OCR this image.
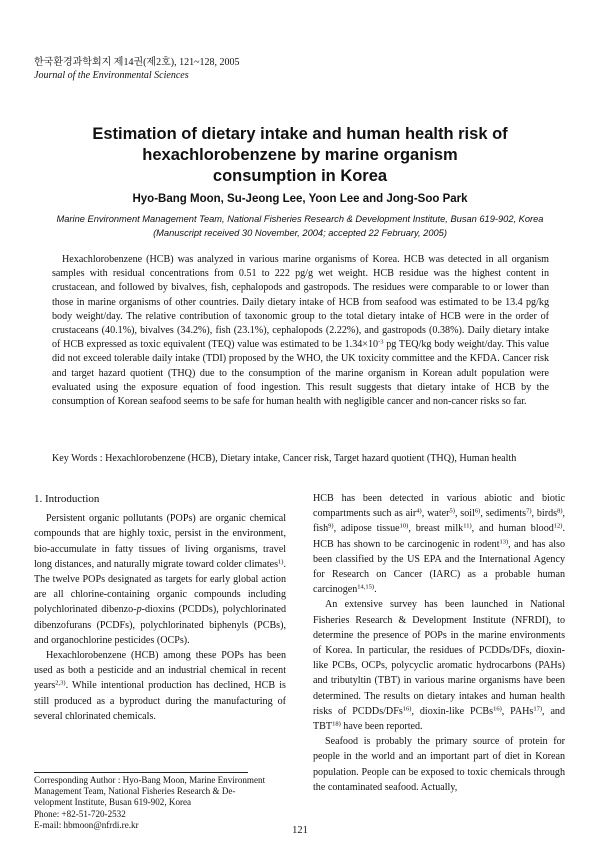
한국환경과학회지 제14권(제2호), 121~128, 2005
Journal of the Environmental Sciences
Estimation of dietary intake and human health risk of
hexachlorobenzene by marine organism
consumption in Korea
Hyo-Bang Moon, Su-Jeong Lee, Yoon Lee and Jong-Soo Park
Marine Environment Management Team, National Fisheries Research & Development Institute, Busan 619-902, Korea
(Manuscript received 30 November, 2004; accepted 22 February, 2005)

Hexachlorobenzene (HCB) was analyzed in various marine organisms of Korea. HCB was detected in all organism samples with residual concentrations from 0.51 to 222 pg/g wet weight. HCB residue was the highest content in crustacean, and followed by bivalves, fish, cephalopods and gastropods. The residues were comparable to or lower than those in marine organisms of other countries. Daily dietary intake of HCB from seafood was estimated to be 13.4 pg/kg body weight/day. The relative contribution of taxonomic group to the total dietary intake of HCB were in the order of crustaceans (40.1%), bivalves (34.2%), fish (23.1%), cephalopods (2.22%), and gastropods (0.38%). Daily dietary intake of HCB expressed as toxic equivalent (TEQ) value was estimated to be $1.34\times 10^{-3}$ pg TEQ/kg body weight/day. This value did not exceed tolerable daily intake (TDI) proposed by the WHO, the UK toxicity committee and the KFDA. Cancer risk and target hazard quotient (THQ) due to the consumption of the marine organism in Korean adult population were evaluated using the exposure equation of food ingestion. This result suggests that dietary intake of HCB by the consumption of Korean seafood seems to be safe for human health with negligible cancer and non-cancer risks so far.

Key Words : Hexachlorobenzene (HCB), Dietary intake, Cancer risk, Target hazard quotient (THQ), Human health
1. Introduction

Persistent organic pollutants (POPs) are organic chemical compounds that are highly toxic, persist in the environment, bio-accumulate in fatty tissues of living organisms, travel long distances, and naturally migrate toward colder climates$^{1)}$. The twelve POPs designated as targets for early global action are all chlorine-containing organic compounds including polychlorinated dibenzo-p-dioxins (PCDDs), polychlorinated dibenzofurans (PCDFs), polychlorinated biphenyls (PCBs), and organochlorine pesticides (OCPs).

Hexachlorobenzene (HCB) among these POPs has been used as both a pesticide and an industrial chemical in recent years$^{2,3)}$. While intentional production has declined, HCB is still produced as a byproduct during the manufacturing of several chlorinated chemicals.

HCB has been detected in various abiotic and biotic compartments such as air$^{4)}$, water$^{5)}$, soil$^{6)}$, sediments$^{7)}$, birds$^{8)}$, fish$^{9)}$, adipose tissue$^{10)}$, breast milk$^{11)}$, and human blood$^{12)}$. HCB has shown to be carcinogenic in rodent$^{13)}$, and has also been classified by the US EPA and the International Agency for Research on Cancer (IARC) as a probable human carcinogen$^{14,15)}$.

An extensive survey has been launched in National Fisheries Research & Development Institute (NFRDI), to determine the presence of POPs in the marine environments of Korea. In particular, the residues of PCDDs/DFs, dioxin-like PCBs, OCPs, polycyclic aromatic hydrocarbons (PAHs) and tributyltin (TBT) in various marine organisms have been determined. The results on dietary intakes and human health risks of PCDDs/DFs$^{16)}$, dioxin-like PCBs$^{16)}$, PAHs$^{17)}$, and TBT$^{18)}$ have been reported.

Seafood is probably the primary source of protein for people in the world and an important part of diet in Korean population. People can be exposed to toxic chemicals through the contaminated seafood. Actually,

Corresponding Author : Hyo-Bang Moon, Marine Environment
Management Team, National Fisheries Research & De-
velopment Institute, Busan 619-902, Korea
Phone: +82-51-720-2532
E-mail: hbmoon@nfrdi.re.kr
121
